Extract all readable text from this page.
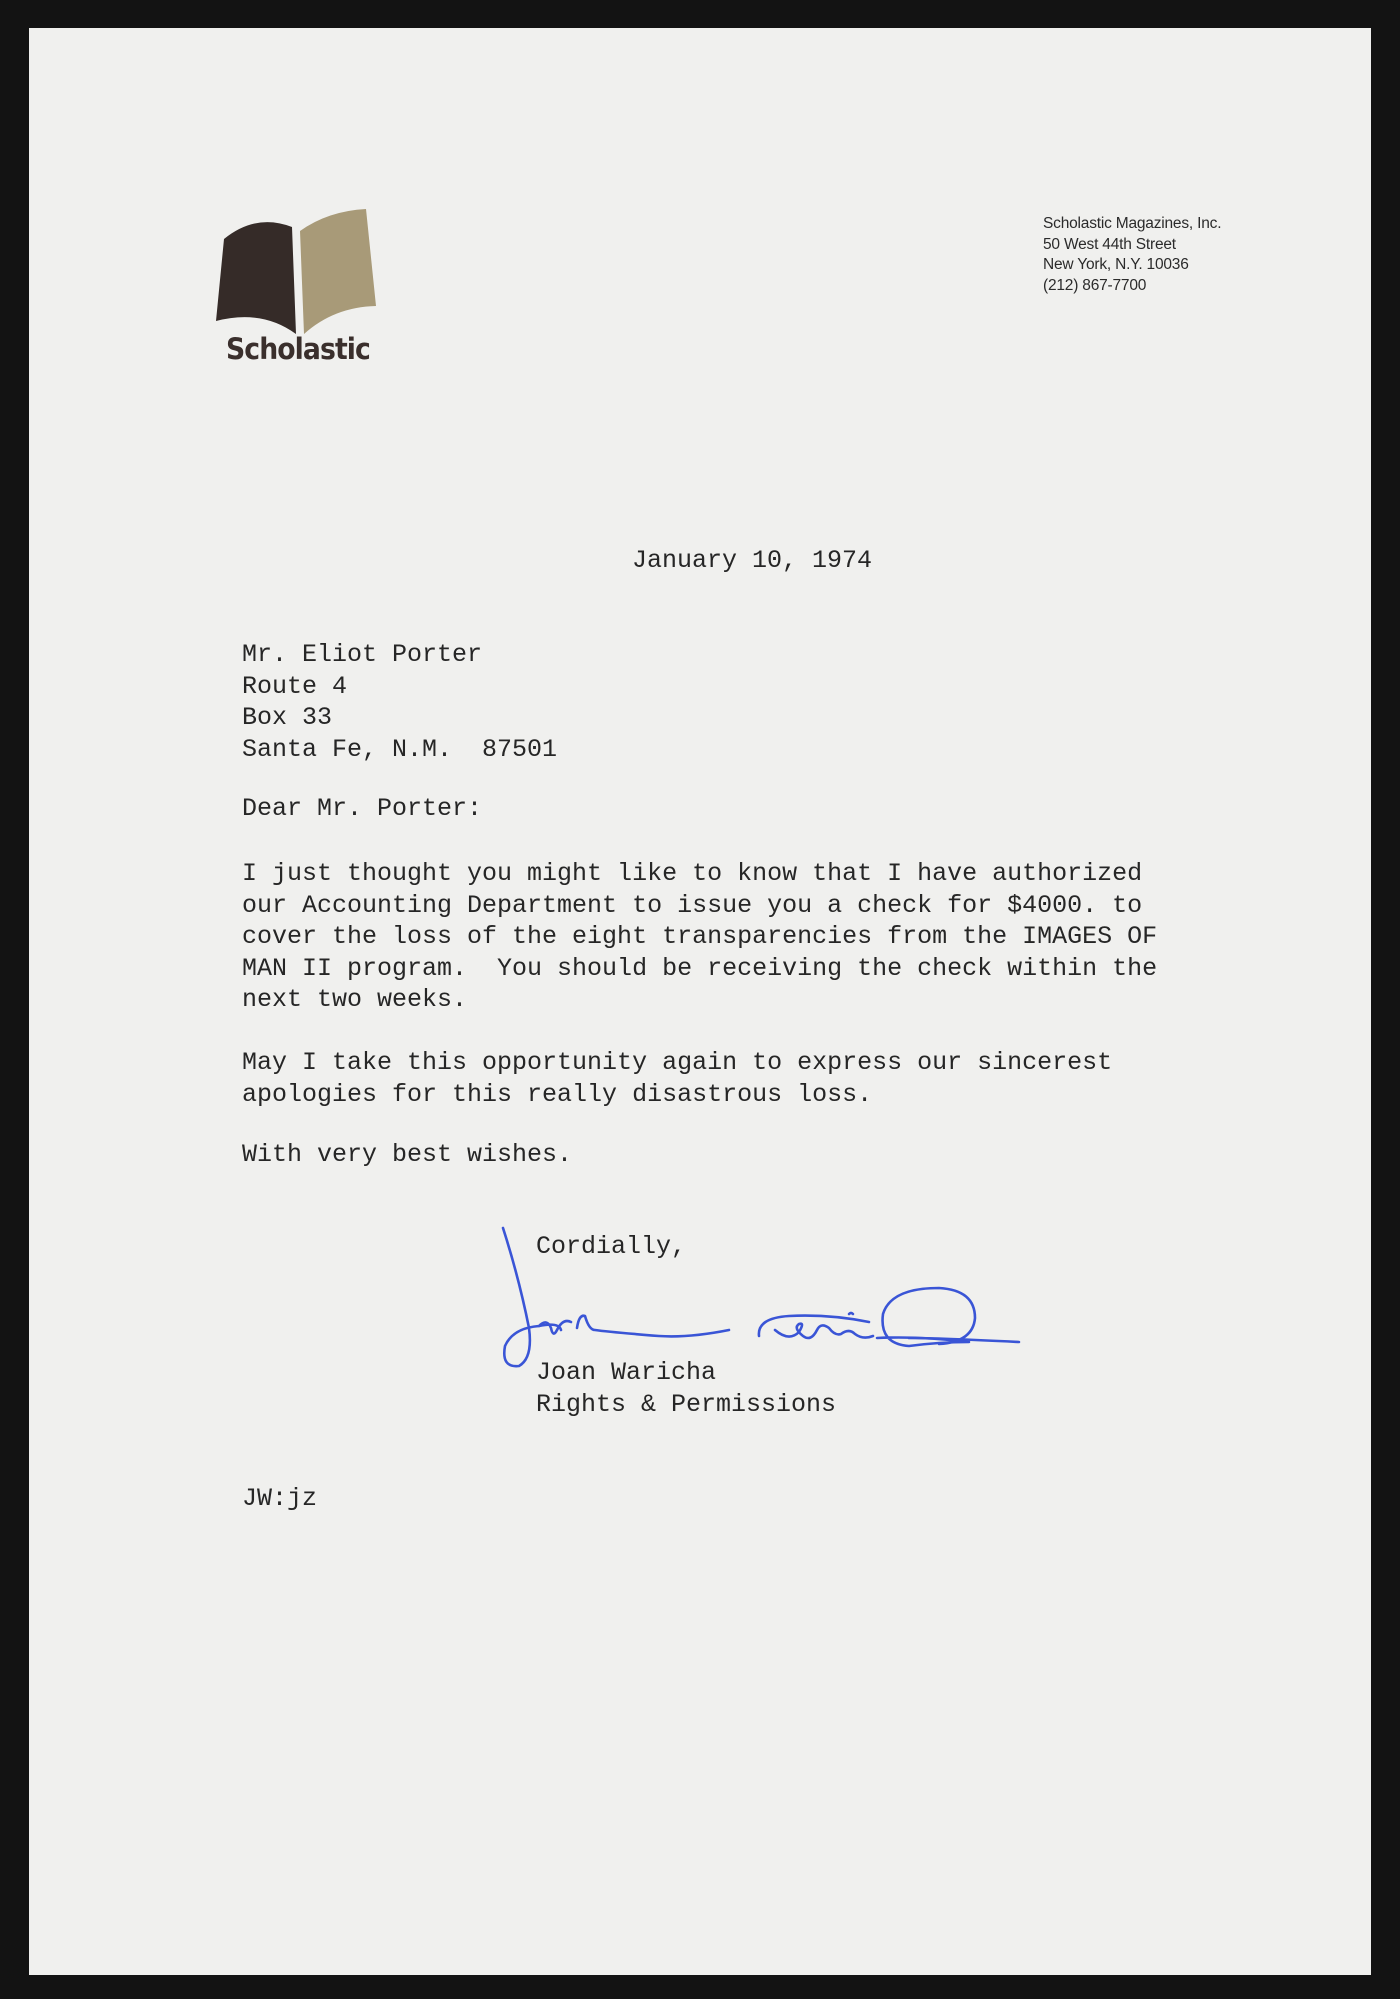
Scholastic
Scholastic Magazines, Inc.
50 West 44th Street
New York, N.Y. 10036
(212) 867-7700
January 10, 1974
Mr. Eliot Porter
Route 4
Box 33
Santa Fe, N.M.  87501
Dear Mr. Porter:
I just thought you might like to know that I have authorized
our Accounting Department to issue you a check for $4000. to
cover the loss of the eight transparencies from the IMAGES OF
MAN II program.  You should be receiving the check within the
next two weeks.
May I take this opportunity again to express our sincerest
apologies for this really disastrous loss.
With very best wishes.
Cordially,
Joan Waricha
Rights & Permissions
JW:jz
